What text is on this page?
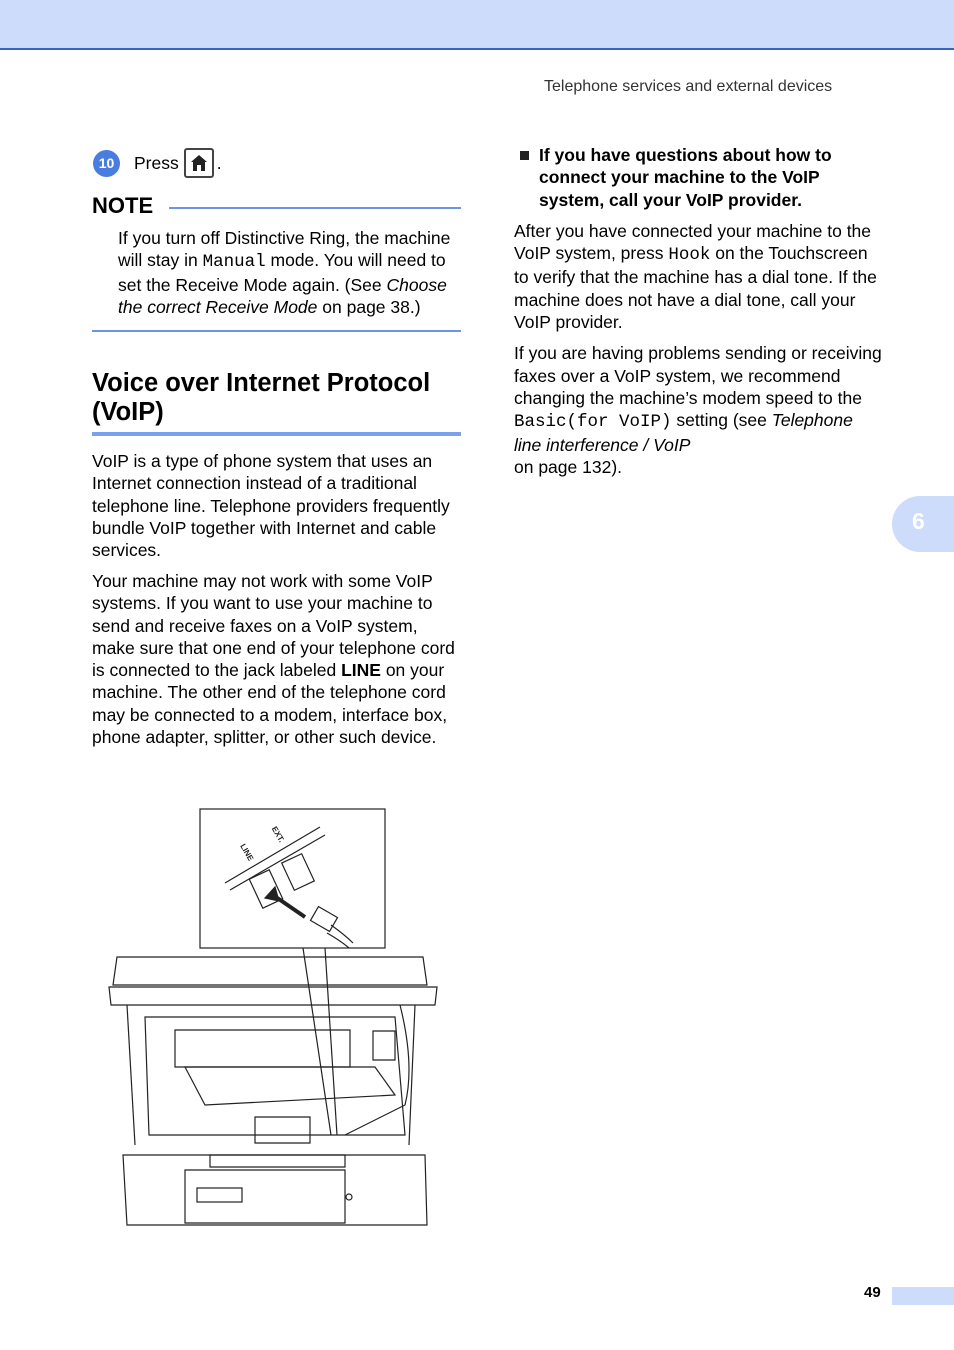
Telephone services and external devices
10	Press .
NOTE
If you turn off Distinctive Ring, the machine will stay in Manual mode. You will need to set the Receive Mode again. (See Choose the correct Receive Mode on page 38.)
Voice over Internet Protocol (VoIP)

VoIP is a type of phone system that uses an Internet connection instead of a traditional telephone line. Telephone providers frequently bundle VoIP together with Internet and cable services.

Your machine may not work with some VoIP systems. If you want to use your machine to send and receive faxes on a VoIP system, make sure that one end of your telephone cord is connected to the jack labeled LINE on your machine. The other end of the telephone cord may be connected to a modem, interface box, phone adapter, splitter, or other such device.

If you have questions about how to connect your machine to the VoIP system, call your VoIP provider.

After you have connected your machine to the VoIP system, press Hook on the Touchscreen to verify that the machine has a dial tone. If the machine does not have a dial tone, call your VoIP provider.

If you are having problems sending or receiving faxes over a VoIP system, we recommend changing the machine’s modem speed to the Basic(for VoIP) setting (see Telephone line interference / VoIP
on page 132).

6
49
LINE
EXT.
